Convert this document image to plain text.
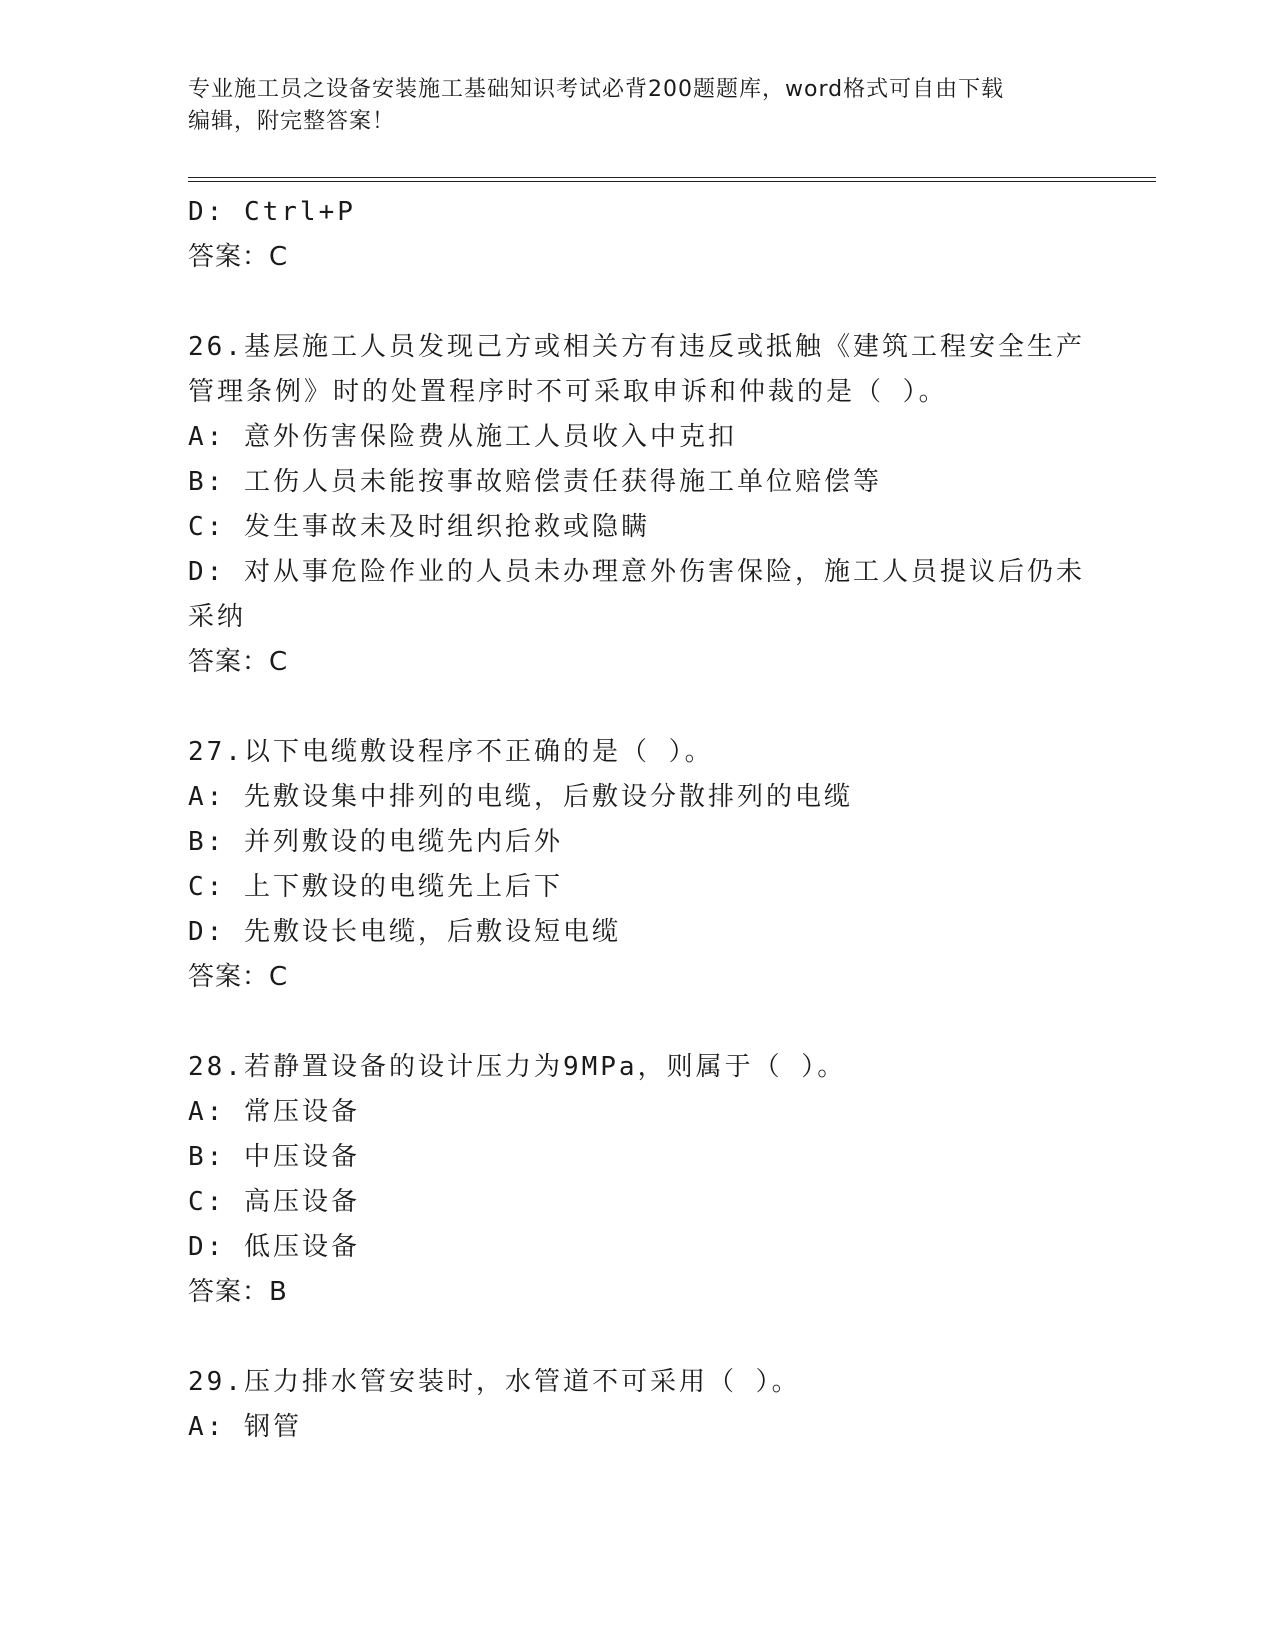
专业施工员之设备安装施工基础知识考试必背200题题库，word格式可自由下载
编辑，附完整答案！
D: Ctrl+P
答案：C
26.基层施工人员发现己方或相关方有违反或抵触《建筑工程安全生产
管理条例》时的处置程序时不可采取申诉和仲裁的是（ ）。
A: 意外伤害保险费从施工人员收入中克扣
B: 工伤人员未能按事故赔偿责任获得施工单位赔偿等
C: 发生事故未及时组织抢救或隐瞒
D: 对从事危险作业的人员未办理意外伤害保险，施工人员提议后仍未
采纳
答案：C
27.以下电缆敷设程序不正确的是（ ）。
A: 先敷设集中排列的电缆，后敷设分散排列的电缆
B: 并列敷设的电缆先内后外
C: 上下敷设的电缆先上后下
D: 先敷设长电缆，后敷设短电缆
答案：C
28.若静置设备的设计压力为9MPa，则属于（ ）。
A: 常压设备
B: 中压设备
C: 高压设备
D: 低压设备
答案：B
29.压力排水管安装时，水管道不可采用（ ）。
A: 钢管
